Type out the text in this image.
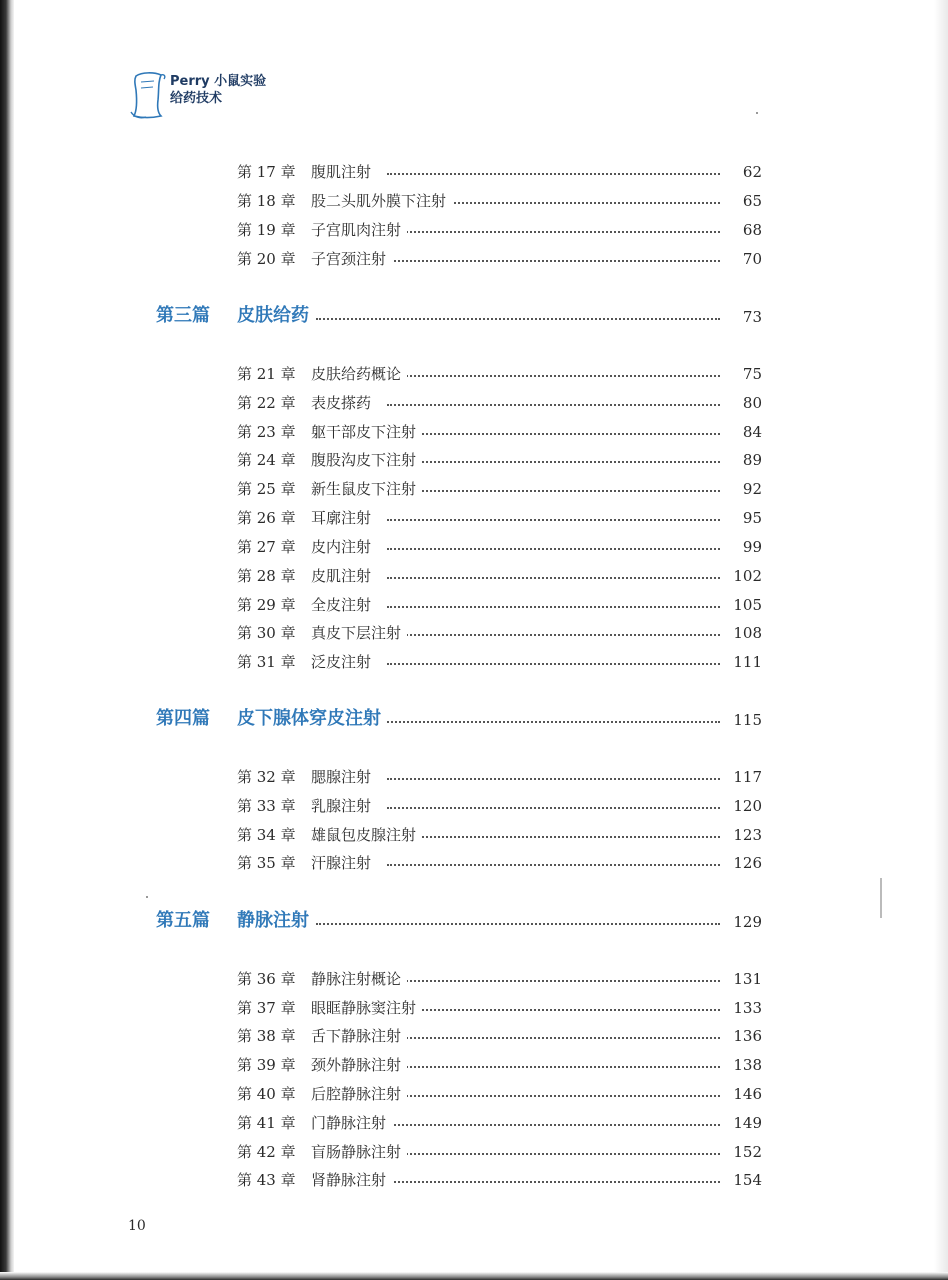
Perry 小鼠实验
给药技术
第 17 章 腹肌注射	62
第 18 章 股二头肌外膜下注射	65
第 19 章 子宫肌肉注射	68
第 20 章 子宫颈注射	70
第三篇 皮肤给药	73
第 21 章 皮肤给药概论	75
第 22 章 表皮搽药	80
第 23 章 躯干部皮下注射	84
第 24 章 腹股沟皮下注射	89
第 25 章 新生鼠皮下注射	92
第 26 章 耳廓注射	95
第 27 章 皮内注射	99
第 28 章 皮肌注射	102
第 29 章 全皮注射	105
第 30 章 真皮下层注射	108
第 31 章 泛皮注射	111
第四篇 皮下腺体穿皮注射	115
第 32 章 腮腺注射	117
第 33 章 乳腺注射	120
第 34 章 雄鼠包皮腺注射	123
第 35 章 汗腺注射	126
第五篇 静脉注射	129
第 36 章 静脉注射概论	131
第 37 章 眼眶静脉窦注射	133
第 38 章 舌下静脉注射	136
第 39 章 颈外静脉注射	138
第 40 章 后腔静脉注射	146
第 41 章 门静脉注射	149
第 42 章 盲肠静脉注射	152
第 43 章 肾静脉注射	154
10
